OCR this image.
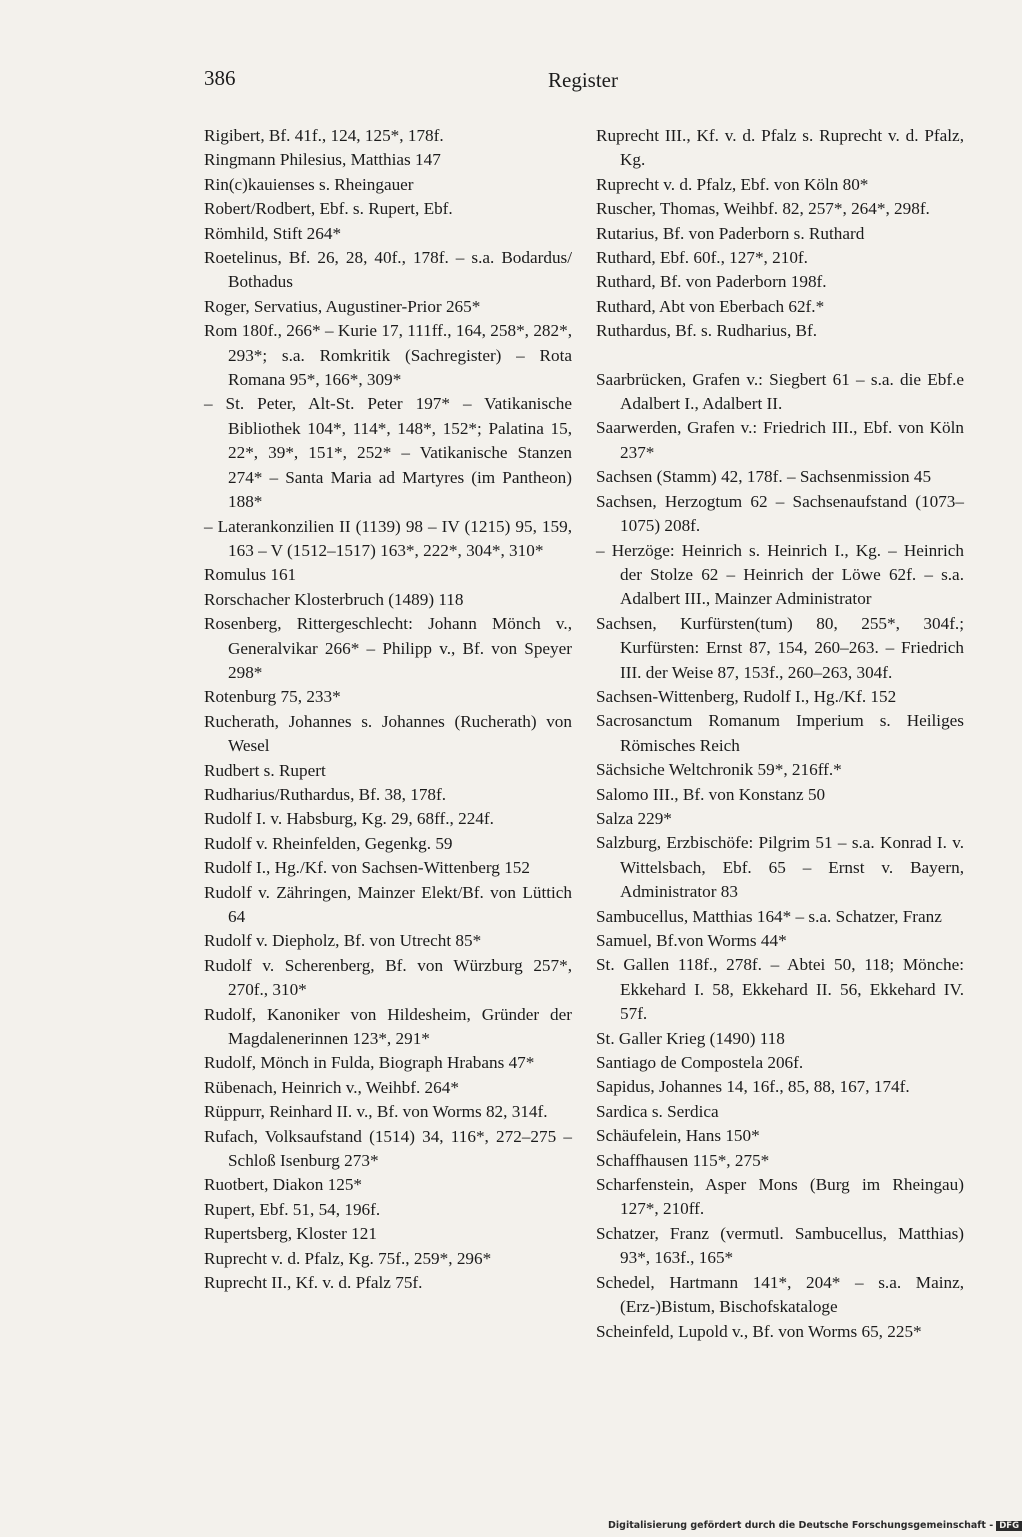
386	Register
Rigibert, Bf. 41f., 124, 125*, 178f.
Ringmann Philesius, Matthias 147
Rin(c)kauienses s. Rheingauer
Robert/Rodbert, Ebf. s. Rupert, Ebf.
Römhild, Stift 264*
Roetelinus, Bf. 26, 28, 40f., 178f. – s.a. Bodardus/ Bothadus
Roger, Servatius, Augustiner-Prior 265*
Rom 180f., 266* – Kurie 17, 111ff., 164, 258*, 282*, 293*; s.a. Romkritik (Sachregister) – Rota Romana 95*, 166*, 309*
– St. Peter, Alt-St. Peter 197* – Vatikanische Bibliothek 104*, 114*, 148*, 152*; Palatina 15, 22*, 39*, 151*, 252* – Vatikanische Stanzen 274* – Santa Maria ad Martyres (im Pantheon) 188*
– Laterankonzilien II (1139) 98 – IV (1215) 95, 159, 163 – V (1512–1517) 163*, 222*, 304*, 310*
Romulus 161
Rorschacher Klosterbruch (1489) 118
Rosenberg, Rittergeschlecht: Johann Mönch v., Generalvikar 266* – Philipp v., Bf. von Speyer 298*
Rotenburg 75, 233*
Rucherath, Johannes s. Johannes (Rucherath) von Wesel
Rudbert s. Rupert
Rudharius/Ruthardus, Bf. 38, 178f.
Rudolf I. v. Habsburg, Kg. 29, 68ff., 224f.
Rudolf v. Rheinfelden, Gegenkg. 59
Rudolf I., Hg./Kf. von Sachsen-Wittenberg 152
Rudolf v. Zähringen, Mainzer Elekt/Bf. von Lüttich 64
Rudolf v. Diepholz, Bf. von Utrecht 85*
Rudolf v. Scherenberg, Bf. von Würzburg 257*, 270f., 310*
Rudolf, Kanoniker von Hildesheim, Gründer der Magdalenerinnen 123*, 291*
Rudolf, Mönch in Fulda, Biograph Hrabans 47*
Rübenach, Heinrich v., Weihbf. 264*
Rüppurr, Reinhard II. v., Bf. von Worms 82, 314f.
Rufach, Volksaufstand (1514) 34, 116*, 272–275 – Schloß Isenburg 273*
Ruotbert, Diakon 125*
Rupert, Ebf. 51, 54, 196f.
Rupertsberg, Kloster 121
Ruprecht v. d. Pfalz, Kg. 75f., 259*, 296*
Ruprecht II., Kf. v. d. Pfalz 75f.
Ruprecht III., Kf. v. d. Pfalz s. Ruprecht v. d. Pfalz, Kg.
Ruprecht v. d. Pfalz, Ebf. von Köln 80*
Ruscher, Thomas, Weihbf. 82, 257*, 264*, 298f.
Rutarius, Bf. von Paderborn s. Ruthard
Ruthard, Ebf. 60f., 127*, 210f.
Ruthard, Bf. von Paderborn 198f.
Ruthard, Abt von Eberbach 62f.*
Ruthardus, Bf. s. Rudharius, Bf.
Saarbrücken, Grafen v.: Siegbert 61 – s.a. die Ebf.e Adalbert I., Adalbert II.
Saarwerden, Grafen v.: Friedrich III., Ebf. von Köln 237*
Sachsen (Stamm) 42, 178f. – Sachsenmission 45
Sachsen, Herzogtum 62 – Sachsenaufstand (1073–1075) 208f.
– Herzöge: Heinrich s. Heinrich I., Kg. – Heinrich der Stolze 62 – Heinrich der Löwe 62f. – s.a. Adalbert III., Mainzer Administrator
Sachsen, Kurfürsten(tum) 80, 255*, 304f.; Kurfürsten: Ernst 87, 154, 260–263. – Friedrich III. der Weise 87, 153f., 260–263, 304f.
Sachsen-Wittenberg, Rudolf I., Hg./Kf. 152
Sacrosanctum Romanum Imperium s. Heiliges Römisches Reich
Sächsiche Weltchronik 59*, 216ff.*
Salomo III., Bf. von Konstanz 50
Salza 229*
Salzburg, Erzbischöfe: Pilgrim 51 – s.a. Konrad I. v. Wittelsbach, Ebf. 65 – Ernst v. Bayern, Administrator 83
Sambucellus, Matthias 164* – s.a. Schatzer, Franz
Samuel, Bf.von Worms 44*
St. Gallen 118f., 278f. – Abtei 50, 118; Mönche: Ekkehard I. 58, Ekkehard II. 56, Ekkehard IV. 57f.
St. Galler Krieg (1490) 118
Santiago de Compostela 206f.
Sapidus, Johannes 14, 16f., 85, 88, 167, 174f.
Sardica s. Serdica
Schäufelein, Hans 150*
Schaffhausen 115*, 275*
Scharfenstein, Asper Mons (Burg im Rheingau) 127*, 210ff.
Schatzer, Franz (vermutl. Sambucellus, Matthias) 93*, 163f., 165*
Schedel, Hartmann 141*, 204* – s.a. Mainz, (Erz-)Bistum, Bischofskataloge
Scheinfeld, Lupold v., Bf. von Worms 65, 225*
Digitalisierung gefördert durch die Deutsche Forschungsgemeinschaft - DFG
